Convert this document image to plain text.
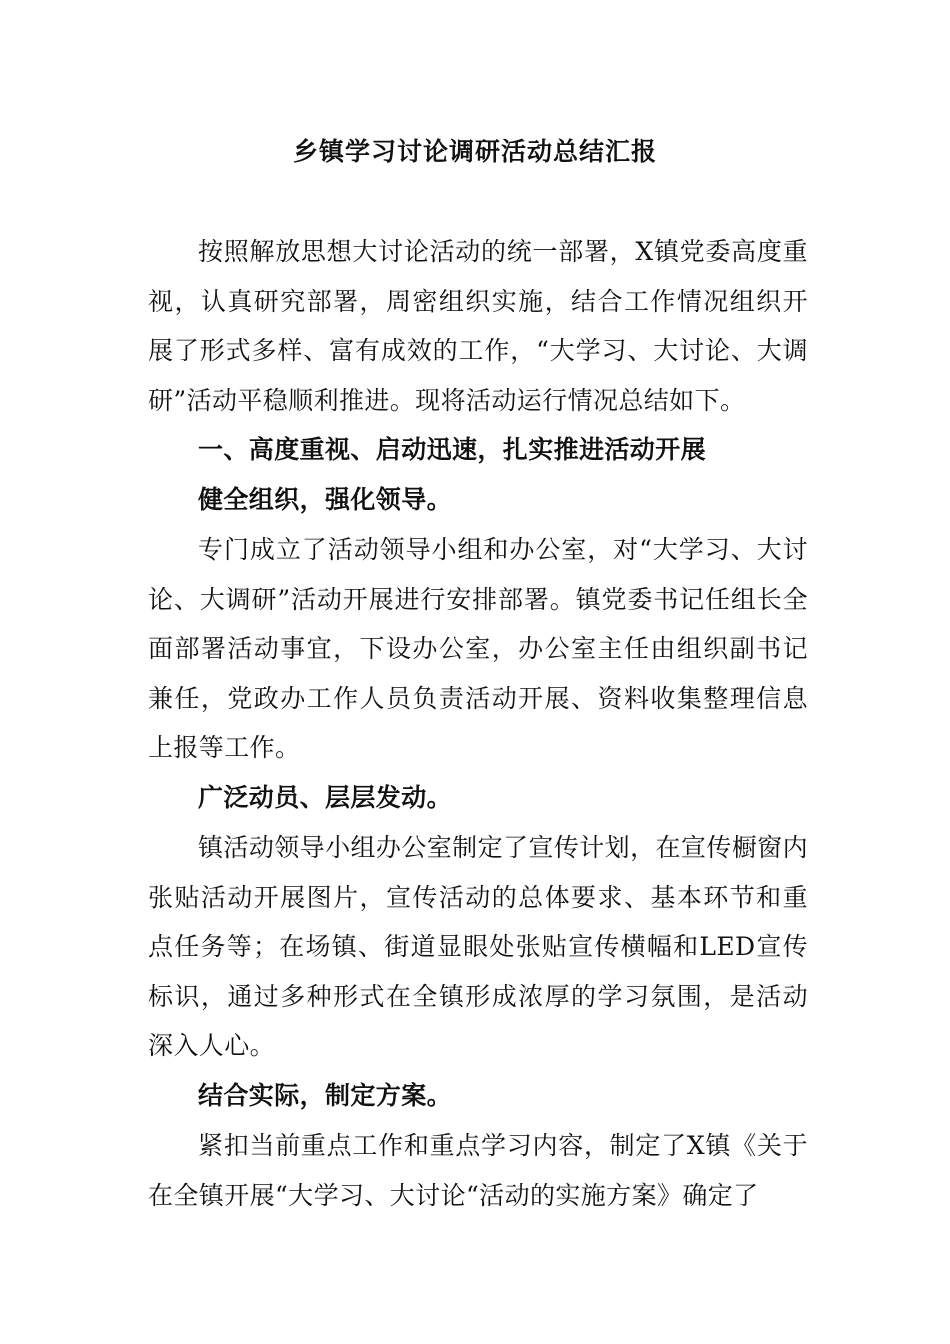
乡镇学习讨论调研活动总结汇报

按照解放思想大讨论活动的统一部署，X镇党委高度重视，认真研究部署，周密组织实施，结合工作情况组织开展了形式多样、富有成效的工作，“大学习、大讨论、大调研”活动平稳顺利推进。现将活动运行情况总结如下。

一、高度重视、启动迅速，扎实推进活动开展

健全组织，强化领导。

专门成立了活动领导小组和办公室，对“大学习、大讨论、大调研”活动开展进行安排部署。镇党委书记任组长全面部署活动事宜，下设办公室，办公室主任由组织副书记兼任，党政办工作人员负责活动开展、资料收集整理信息上报等工作。

广泛动员、层层发动。

镇活动领导小组办公室制定了宣传计划，在宣传橱窗内张贴活动开展图片，宣传活动的总体要求、基本环节和重点任务等；在场镇、街道显眼处张贴宣传横幅和LED宣传标识，通过多种形式在全镇形成浓厚的学习氛围，是活动深入人心。

结合实际，制定方案。

紧扣当前重点工作和重点学习内容，制定了X镇《关于在全镇开展“大学习、大讨论“活动的实施方案》确定了
